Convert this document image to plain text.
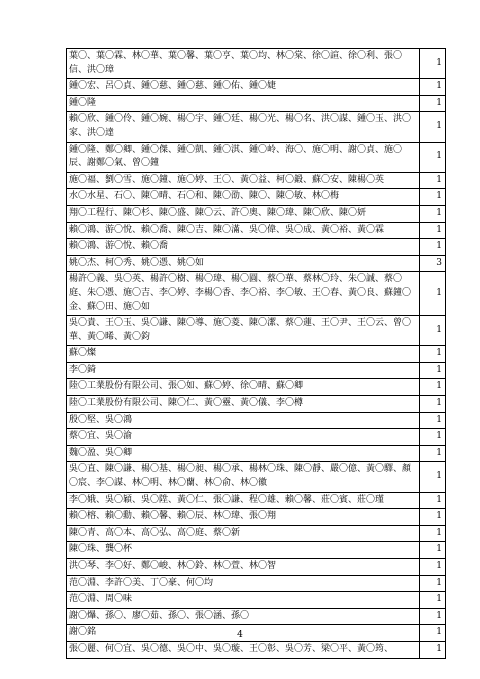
葉〇、葉〇霖、林〇華、葉〇馨、葉〇亨、葉〇均、林〇棠、徐〇諠、徐〇利、張〇信、洪〇璋	1
鍾〇宏、呂〇貞、鍾〇慈、鍾〇慈、鍾〇佑、鍾〇婕	1
鍾〇隆	1
賴〇欣、鍾〇伶、鍾〇婉、楊〇宇、鍾〇廷、楊〇光、楊〇名、洪〇謀、鍾〇玉、洪〇家、洪〇達	1
鍾〇隆、鄭〇卿、鍾〇傑、鍾〇凱、鍾〇淇、鍾〇岭、海〇、施〇明、謝〇貞、施〇辰、謝鄭〇氣、曾〇鐘	1
施〇福、劉〇雪、施〇鐘、施〇婷、王〇、黃〇益、柯〇鍛、蘇〇安、陳楊〇英	1
水〇水星、石〇、陳〇晴、石〇和、陳〇劭、陳〇、陳〇敏、林〇梅	1
翔〇工程行、陳〇杉、陳〇盛、陳〇云、許〇奧、陳〇瑋、陳〇欣、陳〇妍	1
賴〇鴻、游〇悅、賴〇喬、陳〇吉、陳〇滿、吳〇偉、吳〇成、黃〇裕、黃〇霖	1
賴〇鴻、游〇悅、賴〇喬	1
姚〇杰、柯〇秀、姚〇憑、姚〇如	3
楊許〇義、吳〇英、楊許〇樹、楊〇瑋、楊〇圓、蔡〇華、蔡林〇玲、朱〇誠、蔡〇庭、朱〇憑、施〇吉、李〇婷、李楊〇香、李〇裕、李〇敏、王〇春、黃〇良、蘇鐘〇金、蘇〇田、施〇如	1
吳〇貴、王〇玉、吳〇謙、陳〇導、施〇菱、陳〇潔、蔡〇蓮、王〇尹、王〇云、曾〇華、黃〇晞、黃〇鈞	1
蘇〇燦	1
李〇錡	1
陸〇工業股份有限公司、張〇如、蘇〇婷、徐〇晴、蘇〇卿	1
陸〇工業股份有限公司、陳〇仁、黃〇靈、黃〇儀、李〇樽	1
殷〇堅、吳〇鴻	1
蔡〇宜、吳〇渝	1
魏〇盈、吳〇卿	1
吳〇直、陳〇謙、楊〇基、楊〇昶、楊〇承、楊林〇珠、陳〇靜、嚴〇億、黃〇驛、顏〇宸、李〇謀、林〇明、林〇蘭、林〇俞、林〇徽	1
李〇娥、吳〇穎、吳〇陞、黃〇仁、張〇謙、程〇雄、賴〇馨、莊〇賓、莊〇瑾	1
賴〇榕、賴〇勳、賴〇馨、賴〇辰、林〇瑋、張〇翔	1
陳〇青、高〇本、高〇弘、高〇庭、蔡〇新	1
陳〇珠、龔〇杯	1
洪〇琴、李〇好、鄭〇峻、林〇鈴、林〇萱、林〇智	1
范〇淵、李許〇美、丁〇豪、何〇均	1
范〇淵、周〇味	1
謝〇爗、孫〇、廖〇茹、孫〇、張〇涵、孫〇	1
謝〇銘	1
張〇麗、何〇宜、吳〇德、吳〇中、吳〇璇、王〇彰、吳〇芳、梁〇平、黃〇筠、	1
4
